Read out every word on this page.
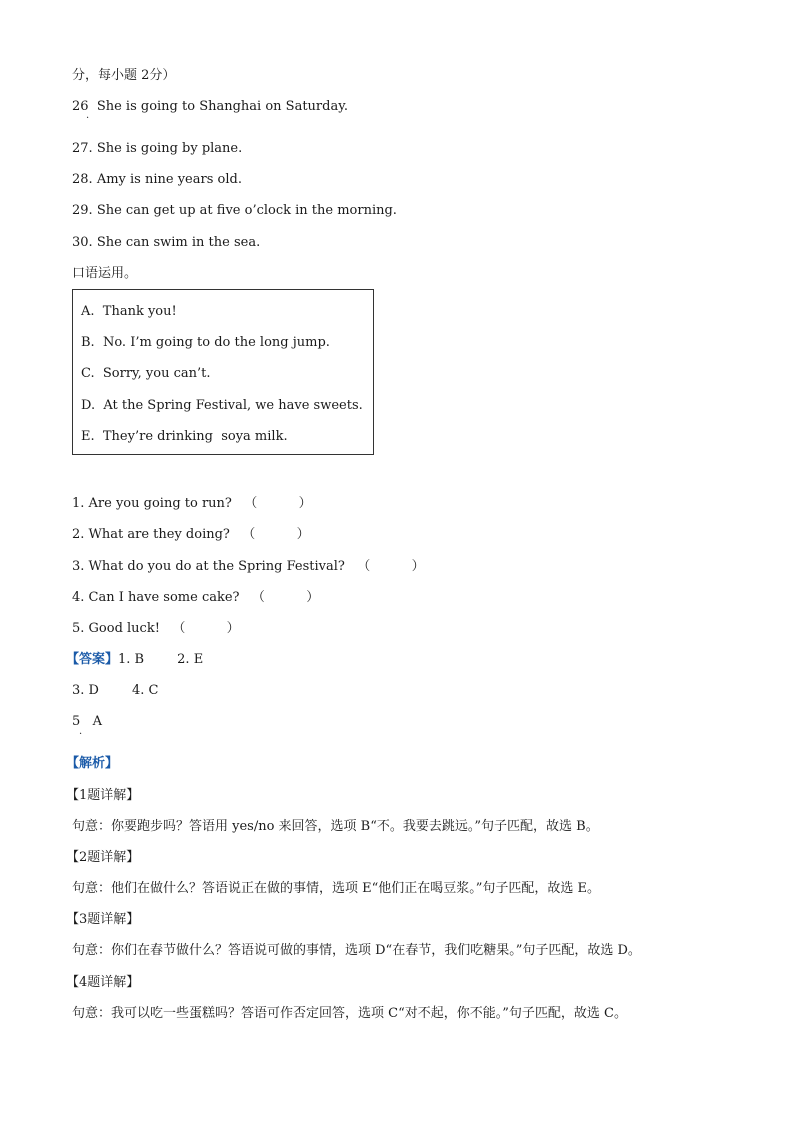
分，每小题 2分）
26 She is going to Shanghai on Saturday.
·
27. She is going by plane.
28. Amy is nine years old.
29. She can get up at five o’clock in the morning.
30. She can swim in the sea.
口语运用。
A.  Thank you!
B.  No. I’m going to do the long jump.
C.  Sorry, you can’t.
D.  At the Spring Festival, we have sweets.
E.  They’re drinking  soya milk.
1. Are you going to run?   （          ）
2. What are they doing?   （          ）
3. What do you do at the Spring Festival?   （          ）
4. Can I have some cake?   （          ）
5. Good luck!   （          ）
【答案】1. B        2. E
3. D        4. C
5   A
·
【解析】
【1题详解】
句意：你要跑步吗？答语用 yes/no 来回答，选项 B“不。我要去跳远。”句子匹配，故选 B。
【2题详解】
句意：他们在做什么？答语说正在做的事情，选项 E“他们正在喝豆浆。”句子匹配，故选 E。
【3题详解】
句意：你们在春节做什么？答语说可做的事情，选项 D“在春节，我们吃糖果。”句子匹配，故选 D。
【4题详解】
句意：我可以吃一些蛋糕吗？答语可作否定回答，选项 C“对不起，你不能。”句子匹配，故选 C。
